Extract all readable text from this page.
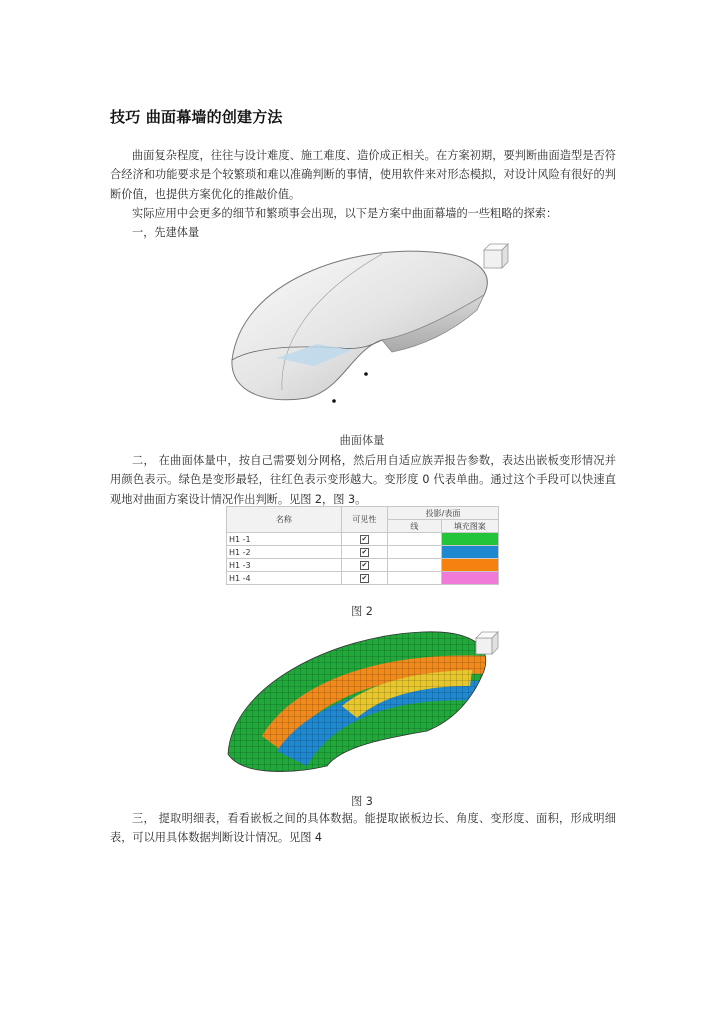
技巧 曲面幕墙的创建方法
曲面复杂程度，往往与设计难度、施工难度、造价成正相关。在方案初期，要判断曲面造型是否符合经济和功能要求是个较繁琐和难以准确判断的事情，使用软件来对形态模拟，对设计风险有很好的判断价值，也提供方案优化的推敲价值。
实际应用中会更多的细节和繁琐事会出现，以下是方案中曲面幕墙的一些粗略的探索：
一，先建体量
曲面体量
二， 在曲面体量中，按自己需要划分网格，然后用自适应族弄报告参数，表达出嵌板变形情况并用颜色表示。绿色是变形最轻，往红色表示变形越大。变形度 0 代表单曲。通过这个手段可以快速直观地对曲面方案设计情况作出判断。见图 2，图 3。
名称	可见性	投影/表面	
		线	填充图案
H1 -1	✔		
H1 -2	✔		
H1 -3	✔		
H1 -4	✔		
图 2
图 3
三， 提取明细表，看看嵌板之间的具体数据。能提取嵌板边长、角度、变形度、面积，形成明细表，可以用具体数据判断设计情况。见图 4
